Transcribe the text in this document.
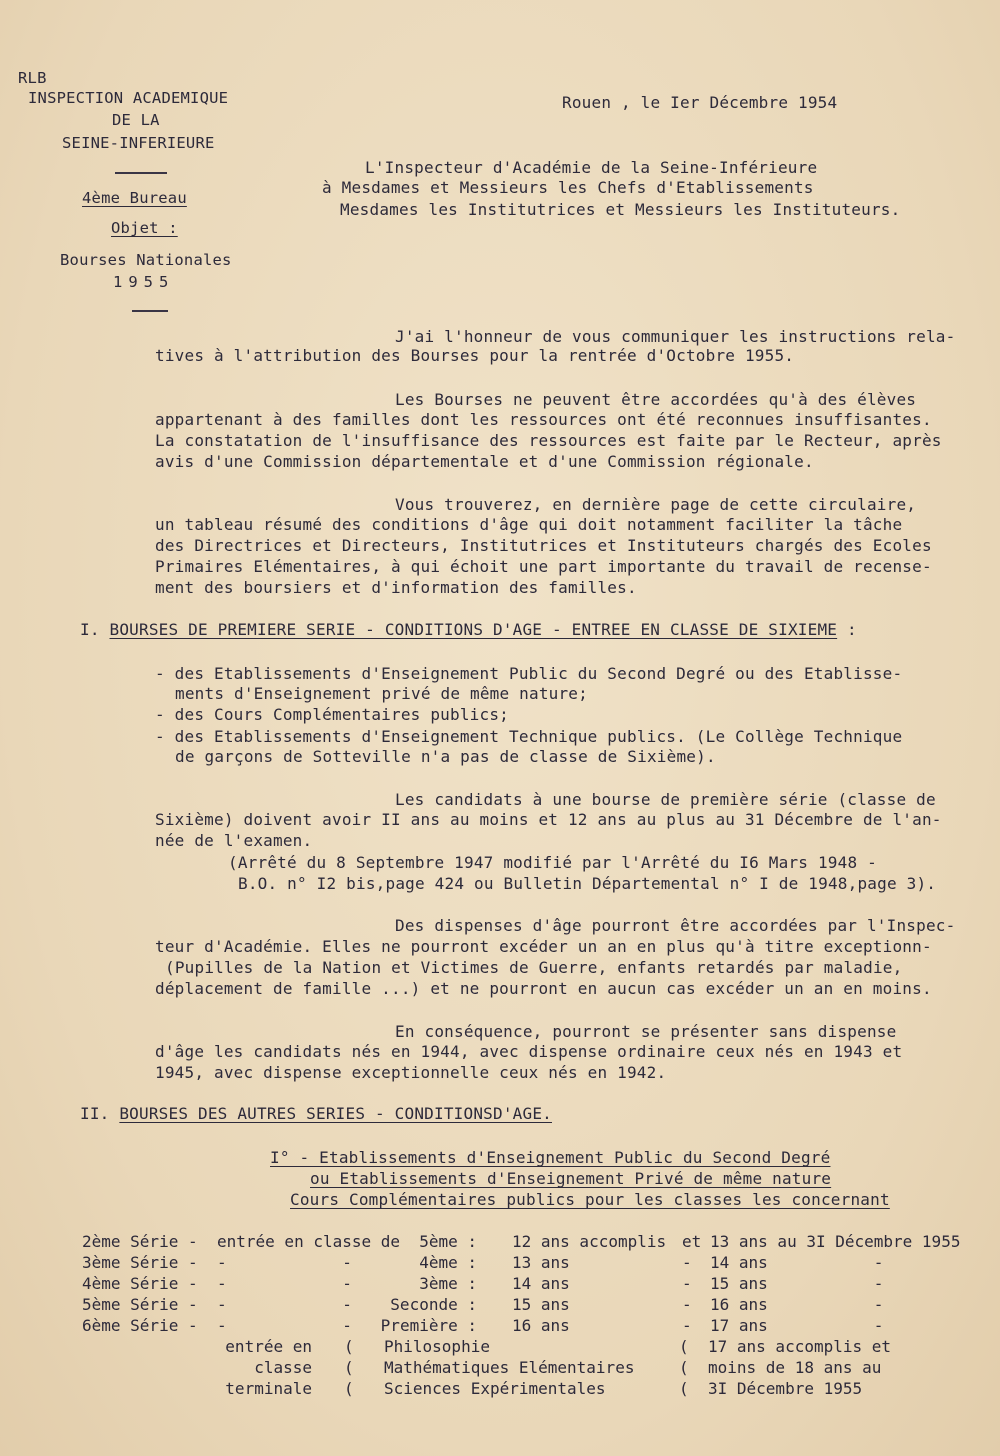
RLB
INSPECTION ACADEMIQUE
DE LA
SEINE-INFERIEURE
4ème Bureau
Objet :
Bourses Nationales
1955
Rouen , le Ier Décembre 1954
L'Inspecteur d'Académie de la Seine-Inférieure
à Mesdames et Messieurs les Chefs d'Etablissements
Mesdames les Institutrices et Messieurs les Instituteurs.
J'ai l'honneur de vous communiquer les instructions rela-
tives à l'attribution des Bourses pour la rentrée d'Octobre 1955.
Les Bourses ne peuvent être accordées qu'à des élèves
appartenant à des familles dont les ressources ont été reconnues insuffisantes.
La constatation de l'insuffisance des ressources est faite par le Recteur, après
avis d'une Commission départementale et d'une Commission régionale.
Vous trouverez, en dernière page de cette circulaire,
un tableau résumé des conditions d'âge qui doit notamment faciliter la tâche
des Directrices et Directeurs, Institutrices et Instituteurs chargés des Ecoles
Primaires Elémentaires, à qui échoit une part importante du travail de recense-
ment des boursiers et d'information des familles.
I. BOURSES DE PREMIERE SERIE - CONDITIONS D'AGE - ENTREE EN CLASSE DE SIXIEME :
- des Etablissements d'Enseignement Public du Second Degré ou des Etablisse-
ments d'Enseignement privé de même nature;
- des Cours Complémentaires publics;
- des Etablissements d'Enseignement Technique publics. (Le Collège Technique
de garçons de Sotteville n'a pas de classe de Sixième).
Les candidats à une bourse de première série (classe de
Sixième) doivent avoir II ans au moins et 12 ans au plus au 31 Décembre de l'an-
née de l'examen.
(Arrêté du 8 Septembre 1947 modifié par l'Arrêté du I6 Mars 1948 -
B.O. n° I2 bis,page 424 ou Bulletin Départemental n° I de 1948,page 3).
Des dispenses d'âge pourront être accordées par l'Inspec-
teur d'Académie. Elles ne pourront excéder un an en plus qu'à titre exceptionn-
(Pupilles de la Nation et Victimes de Guerre, enfants retardés par maladie,
déplacement de famille ...) et ne pourront en aucun cas excéder un an en moins.
En conséquence, pourront se présenter sans dispense
d'âge les candidats nés en 1944, avec dispense ordinaire ceux nés en 1943 et
1945, avec dispense exceptionnelle ceux nés en 1942.
II. BOURSES DES AUTRES SERIES - CONDITIONSD'AGE.
I° - Etablissements d'Enseignement Public du Second Degré
ou Etablissements d'Enseignement Privé de même nature
Cours Complémentaires publics pour les classes les concernant

2ème Série - entrée en classe de 5ème : 12 ans accomplis et 13 ans au 3I Décembre 1955
3ème Série - -            -	4ème : 13 ans	- 14 ans           -
4ème Série - -            -	3ème : 14 ans	- 15 ans           -
5ème Série - -            - Seconde : 15 ans	- 16 ans           -
6ème Série - -            - Première : 16 ans	- 17 ans           -
entrée en ( Philosophie	( 17 ans accomplis et
classe ( Mathématiques Elémentaires	( moins de 18 ans au
terminale ( Sciences Expérimentales	( 3I Décembre 1955
